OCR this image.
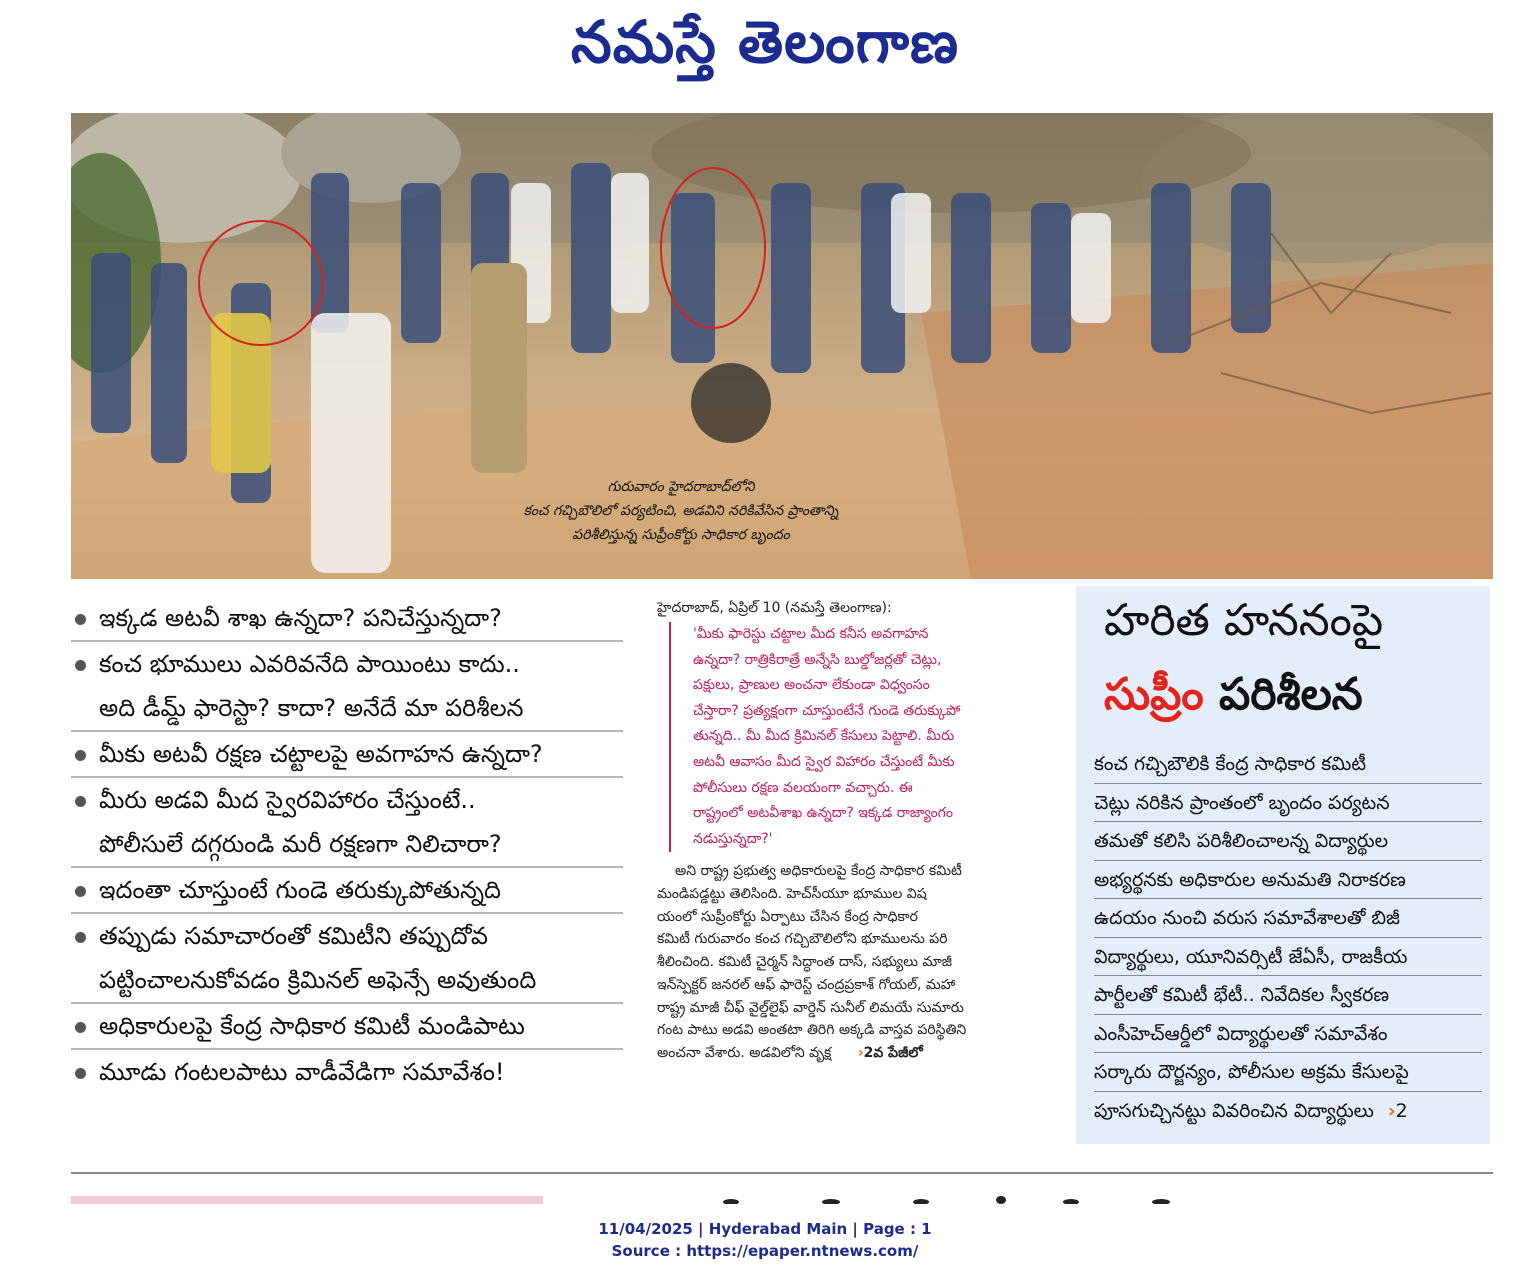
నమస్తే తెలంగాణ
గురువారం హైదరాబాద్‌లోని
కంచ గచ్చిబౌలిలో పర్యటించి, అడవిని నరికివేసిన ప్రాంతాన్ని
పరిశీలిస్తున్న సుప్రీంకోర్టు సాధికార బృందం
ఇక్కడ అటవీ శాఖ ఉన్నదా? పనిచేస్తున్నదా?
కంచ భూములు ఎవరివనేది పాయింటు కాదు..
అది డీమ్డ్ ఫారెస్టా? కాదా? అనేదే మా పరిశీలన
మీకు అటవీ రక్షణ చట్టాలపై అవగాహన ఉన్నదా?
మీరు అడవి మీద స్వైరవిహారం చేస్తుంటే..
పోలీసులే దగ్గరుండి మరీ రక్షణగా నిలిచారా?
ఇదంతా చూస్తుంటే గుండె తరుక్కుపోతున్నది
తప్పుడు సమాచారంతో కమిటీని తప్పుదోవ
పట్టించాలనుకోవడం క్రిమినల్ అఫెన్సే అవుతుంది
అధికారులపై కేంద్ర సాధికార కమిటీ మండిపాటు
మూడు గంటలపాటు వాడీవేడిగా సమావేశం!
హైదరాబాద్, ఏప్రిల్ 10 (నమస్తే తెలంగాణ):
'మీకు ఫారెస్టు చట్టాల మీద కనీస అవగాహన
ఉన్నదా? రాత్రికిరాత్రే అన్నేసి బుల్డోజర్లతో చెట్లు,
పక్షులు, ప్రాణుల అంచనా లేకుండా విధ్వంసం
చేస్తారా? ప్రత్యక్షంగా చూస్తుంటేనే గుండె తరుక్కుపో
తున్నది.. మీ మీద క్రిమినల్ కేసులు పెట్టాలి. మీరు
అటవీ ఆవాసం మీద స్వైర విహారం చేస్తుంటే మీకు
పోలీసులు రక్షణ వలయంగా వచ్చారు. ఈ
రాష్ట్రంలో అటవీశాఖ ఉన్నదా? ఇక్కడ రాజ్యాంగం
నడుస్తున్నదా?'
అని రాష్ట్ర ప్రభుత్వ అధికారులపై కేంద్ర సాధికార కమిటీ
మండిపడ్డట్టు తెలిసింది. హెచ్‌సీయూ భూముల విష
యంలో సుప్రీంకోర్టు ఏర్పాటు చేసిన కేంద్ర సాధికార
కమిటీ గురువారం కంచ గచ్చిబౌలిలోని భూములను పరి
శీలించింది. కమిటీ చైర్మన్ సిద్ధాంత దాస్, సభ్యులు మాజీ
ఇన్‌స్పెక్టర్ జనరల్ ఆఫ్ ఫారెస్ట్ చంద్రప్రకాశ్ గోయల్, మహా
రాష్ట్ర మాజీ చీఫ్ వైల్డ్‌లైఫ్ వార్డెన్ సునీల్ లిమయే సుమారు
గంట పాటు అడవి అంతటా తిరిగి అక్కడి వాస్తవ పరిస్థితిని
అంచనా వేశారు. అడవిలోని వృక్ష ›2వ పేజీలో
హరిత హననంపై
సుప్రీం పరిశీలన
కంచ గచ్చిబౌలికి కేంద్ర సాధికార కమిటీ
చెట్లు నరికిన ప్రాంతంలో బృందం పర్యటన
తమతో కలిసి పరిశీలించాలన్న విద్యార్థుల
అభ్యర్థనకు అధికారుల అనుమతి నిరాకరణ
ఉదయం నుంచి వరుస సమావేశాలతో బిజీ
విద్యార్థులు, యూనివర్సిటీ జేఏసీ, రాజకీయ
పార్టీలతో కమిటీ భేటీ.. నివేదికల స్వీకరణ
ఎంసీహెచ్‌ఆర్డీలో విద్యార్థులతో సమావేశం
సర్కారు దౌర్జన్యం, పోలీసుల అక్రమ కేసులపై
పూసగుచ్చినట్టు వివరించిన విద్యార్థులు ›2
11/04/2025 | Hyderabad Main | Page : 1
Source : https://epaper.ntnews.com/
